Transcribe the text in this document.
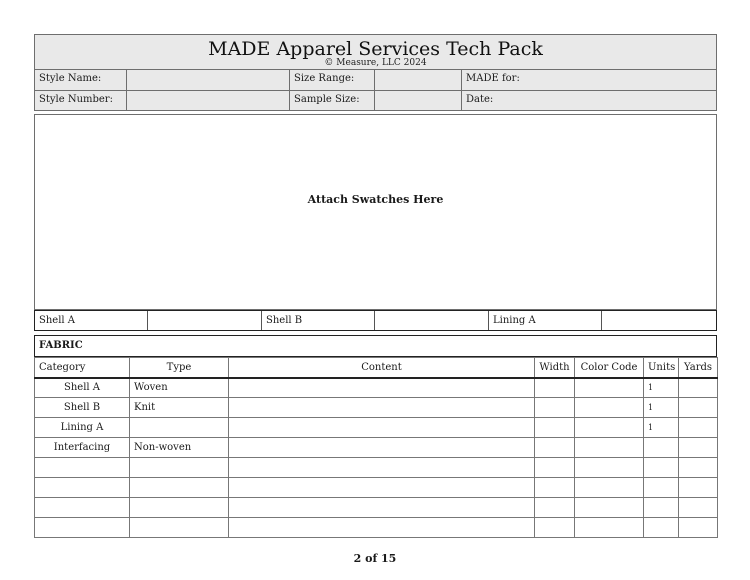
MADE Apparel Services Tech Pack
© Measure, LLC 2024
Style Name:	Size Range:	MADE for:
Style Number:	Sample Size:	Date:
Attach Swatches Here
Shell A	Shell B	Lining A
FABRIC
Category	Type	Content	Width	Color Code	Units	Yards
Shell A	Woven				1	
Shell B	Knit				1	
Lining A					1	
Interfacing	Non-woven					

2 of 15
